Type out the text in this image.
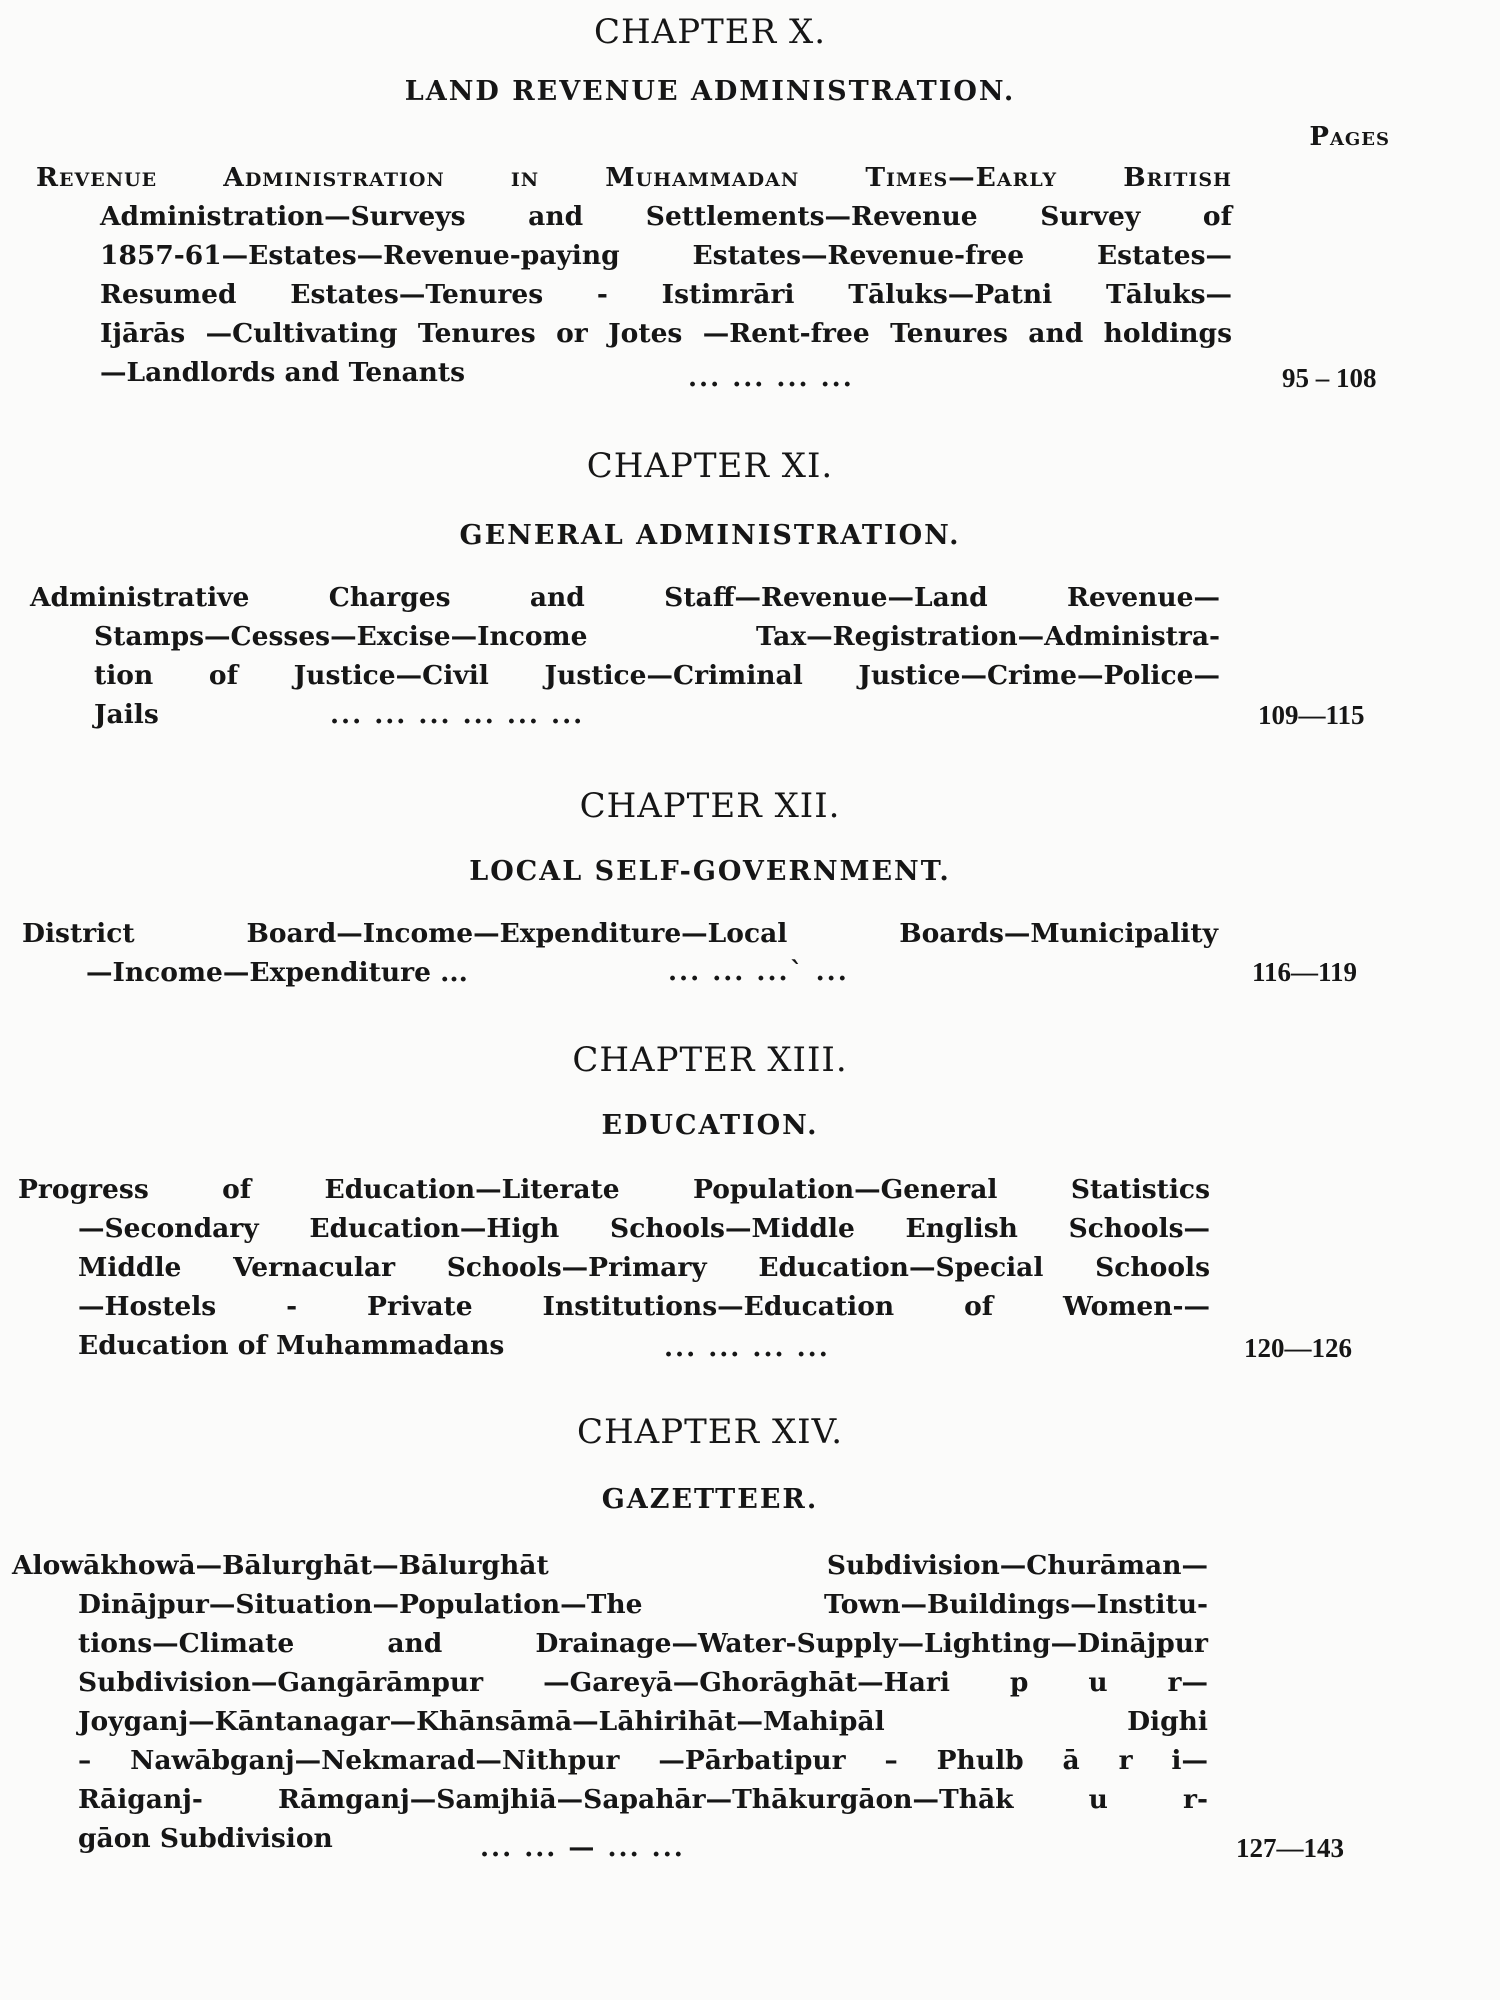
CHAPTER X.
LAND REVENUE ADMINISTRATION.
Pages
Revenue Administration in Muhammadan Times—Early British
Administration—Surveys and Settlements—Revenue Survey of
1857-61—Estates—Revenue-paying Estates—Revenue-free Estates—
Resumed Estates—Tenures - Istimrāri Tāluks—Patni Tāluks—
Ijārās —Cultivating Tenures or Jotes —Rent-free Tenures and holdings
—Landlords and Tenants	... ... ... ...	95 – 108
CHAPTER XI.
GENERAL ADMINISTRATION.
Administrative Charges and Staff—Revenue—Land Revenue—
Stamps—Cesses—Excise—Income Tax—Registration—Administra-
tion of Justice—Civil Justice—Criminal Justice—Crime—Police—
Jails	... ... ... ... ... ...	109—115
CHAPTER XII.
LOCAL SELF-GOVERNMENT.
District Board—Income—Expenditure—Local Boards—Municipality
—Income—Expenditure ...	... ... ...` ...	116—119
CHAPTER XIII.
EDUCATION.
Progress of Education—Literate Population—General Statistics
—Secondary Education—High Schools—Middle English Schools—
Middle Vernacular Schools—Primary Education—Special Schools
—Hostels - Private Institutions—Education of Women-—
Education of Muhammadans	... ... ... ...	120—126
CHAPTER XIV.
GAZETTEER.
Alowākhowā—Bālurghāt—Bālurghāt Subdivision—Churāman—
Dinājpur—Situation—Population—The Town—Buildings—Institu-
tions—Climate and Drainage—Water-Supply—Lighting—Dinājpur
Subdivision—Gangārāmpur —Gareyā—Ghorāghāt—Hari p u r—
Joyganj—Kāntanagar—Khānsāmā—Lāhirihāt—Mahipāl Dighi
– Nawābganj—Nekmarad—Nithpur —Pārbatipur – Phulb ā r i—
Rāiganj- Rāmganj—Samjhiā—Sapahār—Thākurgāon—Thāk u r-
gāon Subdivision	... ... — ... ...	127—143
